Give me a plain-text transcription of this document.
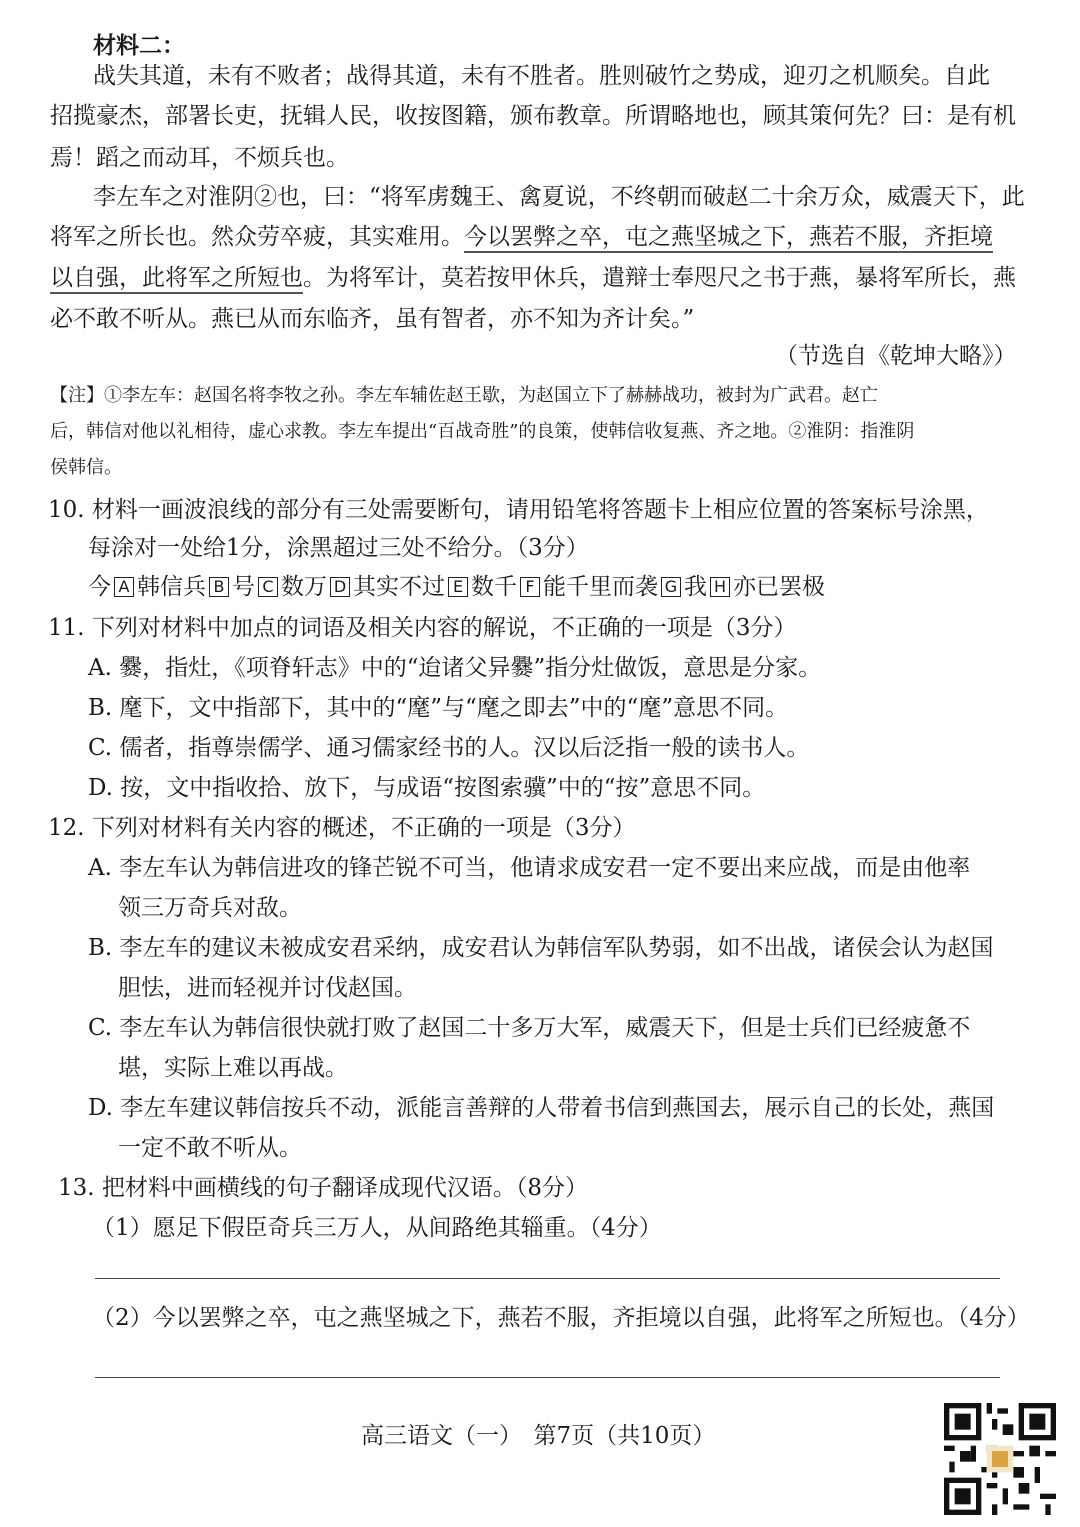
材料二：
战失其道，未有不败者；战得其道，未有不胜者。胜则破竹之势成，迎刃之机顺矣。自此
招揽豪杰，部署长吏，抚辑人民，收按图籍，颁布教章。所谓略地也，顾其策何先？曰：是有机
焉！蹈之而动耳，不烦兵也。
李左车之对淮阴②也，曰：“将军虏魏王、禽夏说，不终朝而破赵二十余万众，威震天下，此
将军之所长也。然众劳卒疲，其实难用。今以罢弊之卒，屯之燕坚城之下，燕若不服，齐拒境
以自强，此将军之所短也。为将军计，莫若按甲休兵，遣辩士奉咫尺之书于燕，暴将军所长，燕
必不敢不听从。燕已从而东临齐，虽有智者，亦不知为齐计矣。”
（节选自《乾坤大略》）
【注】①李左车：赵国名将李牧之孙。李左车辅佐赵王歇，为赵国立下了赫赫战功，被封为广武君。赵亡
后，韩信对他以礼相待，虚心求教。李左车提出“百战奇胜”的良策，使韩信收复燕、齐之地。②淮阴：指淮阴
侯韩信。
10. 材料一画波浪线的部分有三处需要断句，请用铅笔将答题卡上相应位置的答案标号涂黑，
每涂对一处给1分，涂黑超过三处不给分。（3分）
今 A 韩信兵 B 号 C 数万 D 其实不过 E 数千 F 能千里而袭 G 我 H 亦已罢极
11. 下列对材料中加点的词语及相关内容的解说，不正确的一项是（3分）
A. 爨，指灶，《项脊轩志》中的“迨诸父异爨”指分灶做饭，意思是分家。
B. 麾下，文中指部下，其中的“麾”与“麾之即去”中的“麾”意思不同。
C. 儒者，指尊崇儒学、通习儒家经书的人。汉以后泛指一般的读书人。
D. 按，文中指收拾、放下，与成语“按图索骥”中的“按”意思不同。
12. 下列对材料有关内容的概述，不正确的一项是（3分）
A. 李左车认为韩信进攻的锋芒锐不可当，他请求成安君一定不要出来应战，而是由他率
领三万奇兵对敌。
B. 李左车的建议未被成安君采纳，成安君认为韩信军队势弱，如不出战，诸侯会认为赵国
胆怯，进而轻视并讨伐赵国。
C. 李左车认为韩信很快就打败了赵国二十多万大军，威震天下，但是士兵们已经疲惫不
堪，实际上难以再战。
D. 李左车建议韩信按兵不动，派能言善辩的人带着书信到燕国去，展示自己的长处，燕国
一定不敢不听从。
13. 把材料中画横线的句子翻译成现代汉语。（8分）
（1）愿足下假臣奇兵三万人，从间路绝其辎重。（4分）
（2）今以罢弊之卒，屯之燕坚城之下，燕若不服，齐拒境以自强，此将军之所短也。（4分）
高三语文（一）　第7页（共10页）
